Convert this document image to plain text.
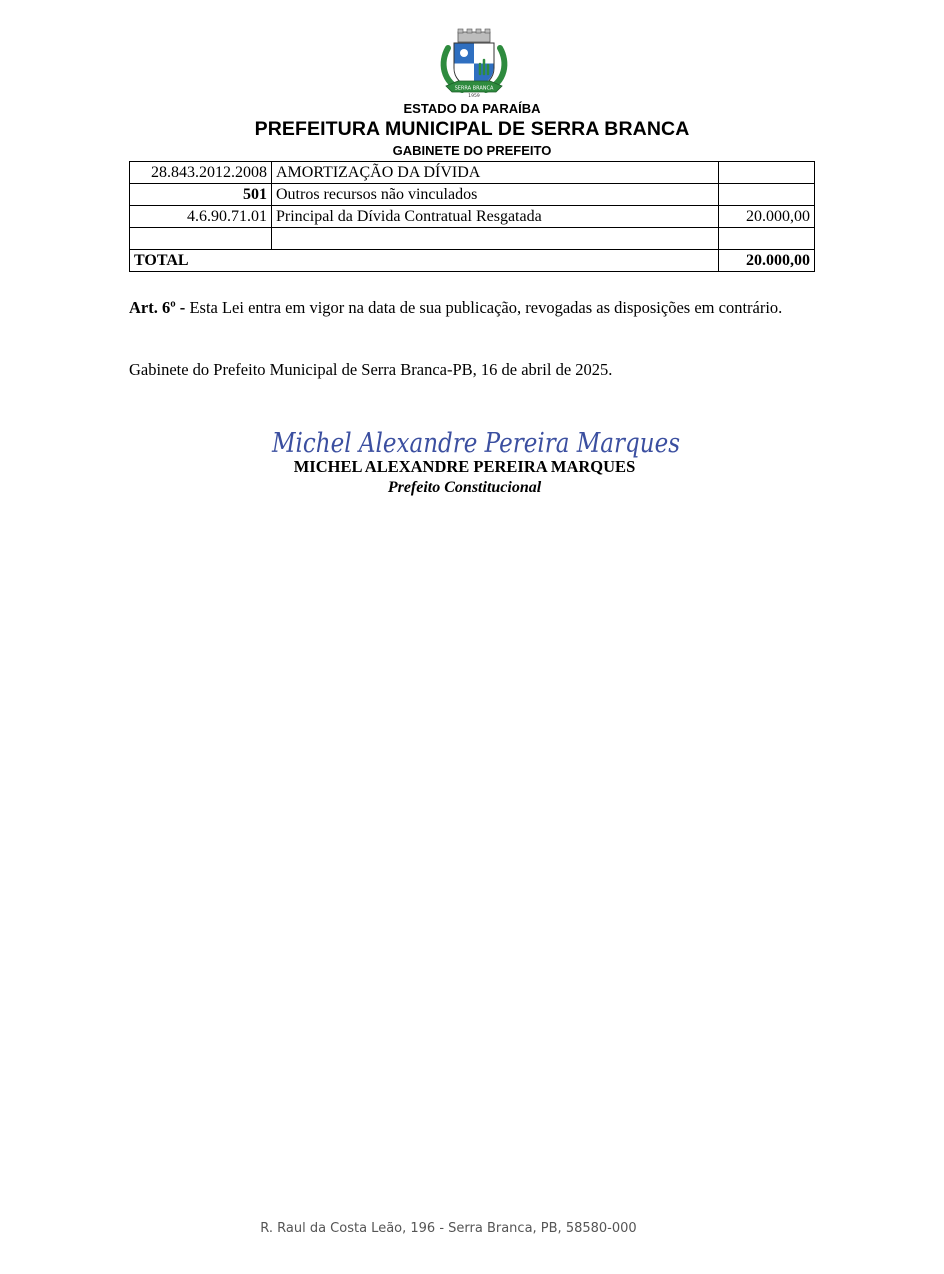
SERRA BRANCA
1959
ESTADO DA PARAÍBA
PREFEITURA MUNICIPAL DE SERRA BRANCA
GABINETE DO PREFEITO
28.843.2012.2008	AMORTIZAÇÃO DA DÍVIDA	
501	Outros recursos não vinculados	
4.6.90.71.01	Principal da Dívida Contratual Resgatada	20.000,00

TOTAL		20.000,00
Art. 6º - Esta Lei entra em vigor na data de sua publicação, revogadas as disposições em contrário.
Gabinete do Prefeito Municipal de Serra Branca-PB, 16 de abril de 2025.
Michel Alexandre Pereira Marques
MICHEL ALEXANDRE PEREIRA MARQUES
Prefeito Constitucional
R. Raul da Costa Leão, 196 - Serra Branca, PB, 58580-000
